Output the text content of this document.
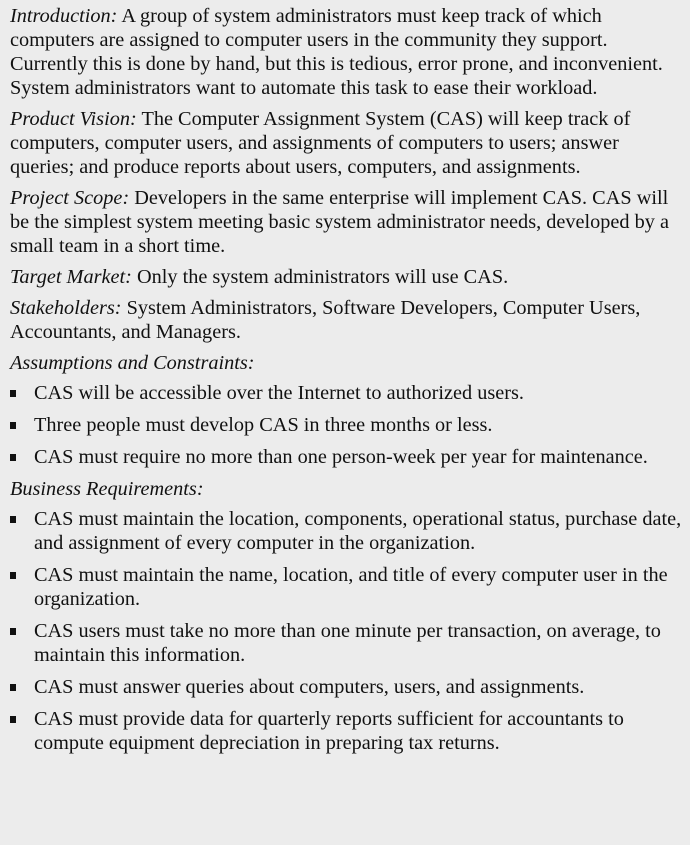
Introduction: A group of system administrators must keep track of which computers are assigned to computer users in the community they support. Currently this is done by hand, but this is tedious, error prone, and inconvenient. System administrators want to automate this task to ease their workload.

Product Vision: The Computer Assignment System (CAS) will keep track of computers, computer users, and assignments of computers to users; answer queries; and produce reports about users, computers, and assignments.

Project Scope: Developers in the same enterprise will implement CAS. CAS will be the simplest system meeting basic system administrator needs, developed by a small team in a short time.

Target Market: Only the system administrators will use CAS.

Stakeholders: System Administrators, Software Developers, Computer Users, Accountants, and Managers.

Assumptions and Constraints:

CAS will be accessible over the Internet to authorized users.
Three people must develop CAS in three months or less.
CAS must require no more than one person-week per year for maintenance.

Business Requirements:

CAS must maintain the location, components, operational status, purchase date, and assignment of every computer in the organization.
CAS must maintain the name, location, and title of every computer user in the organization.
CAS users must take no more than one minute per transaction, on average, to maintain this information.
CAS must answer queries about computers, users, and assignments.
CAS must provide data for quarterly reports sufficient for accountants to compute equipment depreciation in preparing tax returns.
